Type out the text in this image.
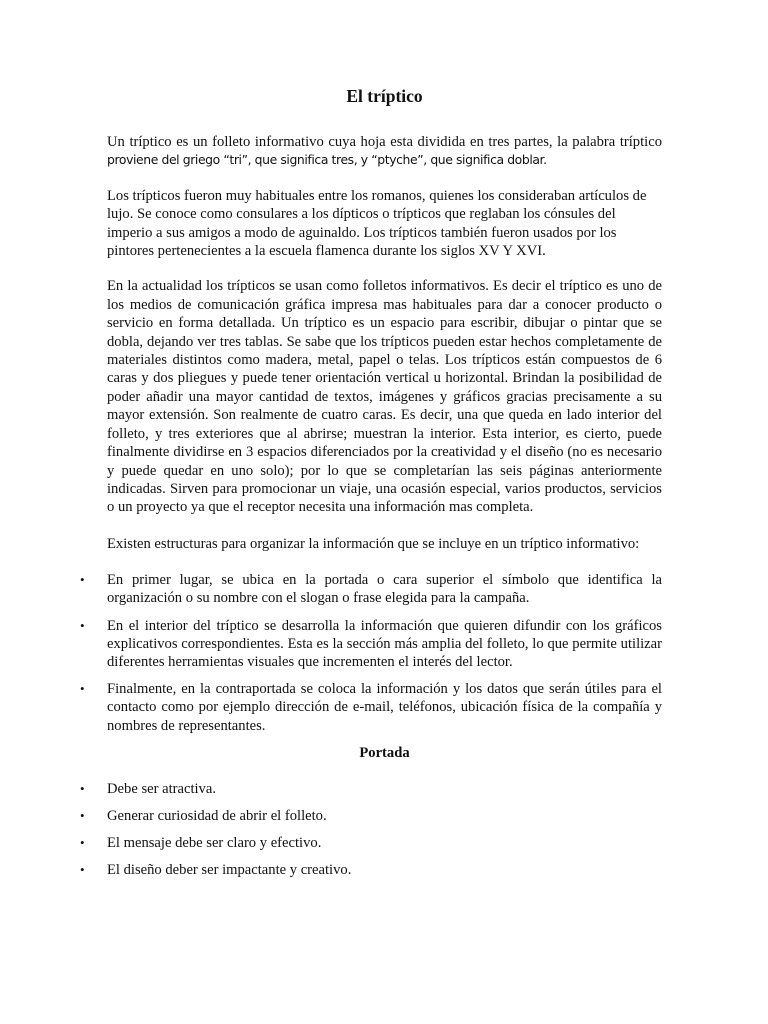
El tríptico

Un tríptico es un folleto informativo cuya hoja esta dividida en tres partes, la palabra tríptico proviene del griego “tri”, que significa tres, y “ptyche”, que significa doblar.

Los trípticos fueron muy habituales entre los romanos, quienes los consideraban artículos de lujo. Se conoce como consulares a los dípticos o trípticos que reglaban los cónsules del imperio a sus amigos a modo de aguinaldo. Los trípticos también fueron usados por los pintores pertenecientes a la escuela flamenca durante los siglos XV Y XVI.

En la actualidad los trípticos se usan como folletos informativos. Es decir el tríptico es uno de los medios de comunicación gráfica impresa mas habituales para dar a conocer producto o servicio en forma detallada. Un tríptico es un espacio para escribir, dibujar o pintar que se dobla, dejando ver tres tablas. Se sabe que los trípticos pueden estar hechos completamente de materiales distintos como madera, metal, papel o telas. Los trípticos están compuestos de 6 caras y dos pliegues y puede tener orientación vertical u horizontal. Brindan la posibilidad de poder añadir una mayor cantidad de textos, imágenes y gráficos gracias precisamente a su mayor extensión. Son realmente de cuatro caras. Es decir, una que queda en lado interior del folleto, y tres exteriores que al abrirse; muestran la interior. Esta interior, es cierto, puede finalmente dividirse en 3 espacios diferenciados por la creatividad y el diseño (no es necesario y puede quedar en uno solo); por lo que se completarían las seis páginas anteriormente indicadas. Sirven para promocionar un viaje, una ocasión especial, varios productos, servicios o un proyecto ya que el receptor necesita una información mas completa.

Existen estructuras para organizar la información que se incluye en un tríptico informativo:

• En primer lugar, se ubica en la portada o cara superior el símbolo que identifica la organización o su nombre con el slogan o frase elegida para la campaña.
• En el interior del tríptico se desarrolla la información que quieren difundir con los gráficos explicativos correspondientes. Esta es la sección más amplia del folleto, lo que permite utilizar diferentes herramientas visuales que incrementen el interés del lector.
• Finalmente, en la contraportada se coloca la información y los datos que serán útiles para el contacto como por ejemplo dirección de e-mail, teléfonos, ubicación física de la compañía y nombres de representantes.
Portada
• Debe ser atractiva.
• Generar curiosidad de abrir el folleto.
• El mensaje debe ser claro y efectivo.
• El diseño deber ser impactante y creativo.
